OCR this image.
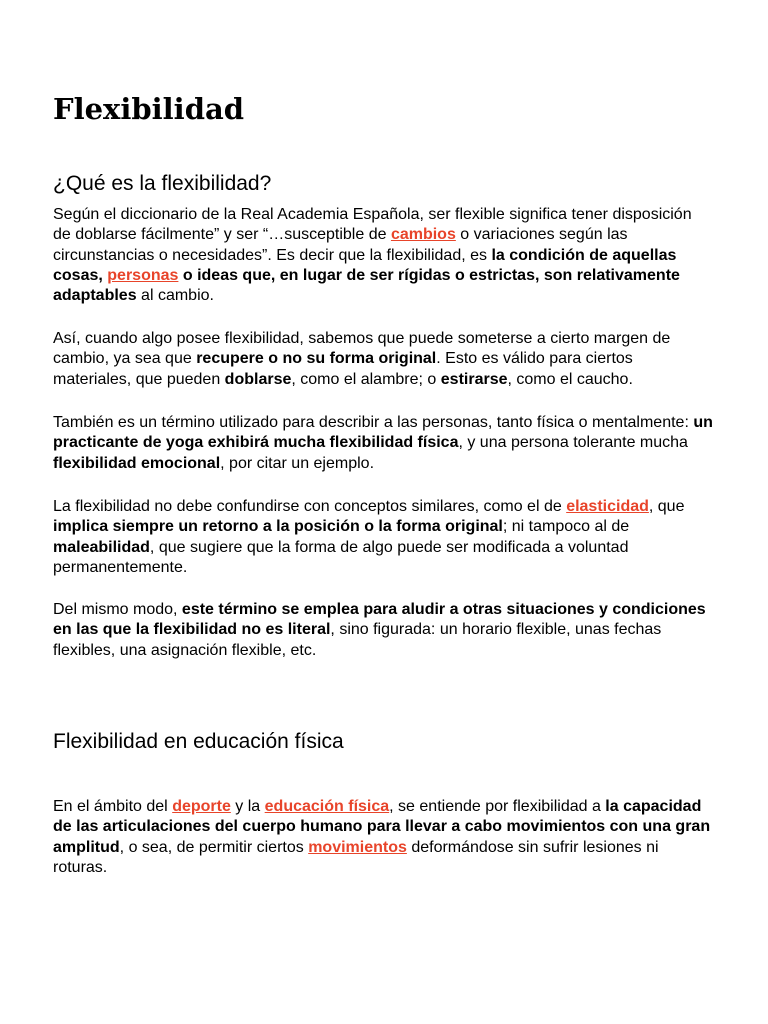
Flexibilidad
¿Qué es la flexibilidad?

Según el diccionario de la Real Academia Española, ser flexible significa tener disposición de doblarse fácilmente” y ser “…susceptible de cambios o variaciones según las circunstancias o necesidades”. Es decir que la flexibilidad, es la condición de aquellas cosas, personas o ideas que, en lugar de ser rígidas o estrictas, son relativamente adaptables al cambio.

Así, cuando algo posee flexibilidad, sabemos que puede someterse a cierto margen de cambio, ya sea que recupere o no su forma original. Esto es válido para ciertos materiales, que pueden doblarse, como el alambre; o estirarse, como el caucho.

También es un término utilizado para describir a las personas, tanto física o mentalmente: un practicante de yoga exhibirá mucha flexibilidad física, y una persona tolerante mucha flexibilidad emocional, por citar un ejemplo.

La flexibilidad no debe confundirse con conceptos similares, como el de elasticidad, que implica siempre un retorno a la posición o la forma original; ni tampoco al de maleabilidad, que sugiere que la forma de algo puede ser modificada a voluntad permanentemente.

Del mismo modo, este término se emplea para aludir a otras situaciones y condiciones en las que la flexibilidad no es literal, sino figurada: un horario flexible, unas fechas flexibles, una asignación flexible, etc.

Flexibilidad en educación física

En el ámbito del deporte y la educación física, se entiende por flexibilidad a la capacidad de las articulaciones del cuerpo humano para llevar a cabo movimientos con una gran amplitud, o sea, de permitir ciertos movimientos deformándose sin sufrir lesiones ni roturas.
